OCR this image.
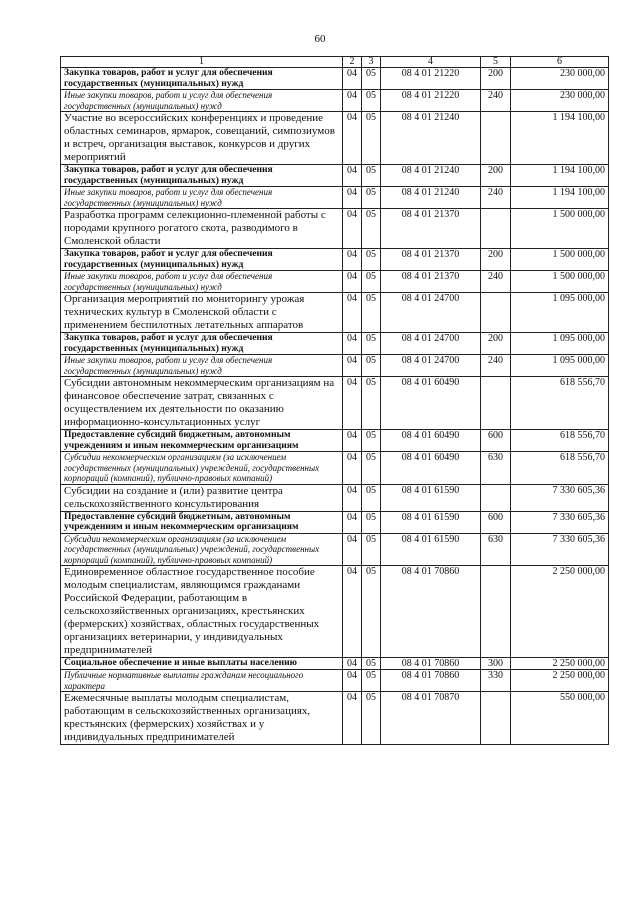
60
1	2	3	4	5	6
Закупка товаров, работ и услуг для обеспечения государственных (муниципальных) нужд	04	05	08 4 01 21220	200	230 000,00
Иные закупки товаров, работ и услуг для обеспечения государственных (муниципальных) нужд	04	05	08 4 01 21220	240	230 000,00
Участие во всероссийских конференциях и проведение областных семинаров, ярмарок, совещаний, симпозиумов и встреч, организация выставок, конкурсов и других мероприятий	04	05	08 4 01 21240		1 194 100,00
Закупка товаров, работ и услуг для обеспечения государственных (муниципальных) нужд	04	05	08 4 01 21240	200	1 194 100,00
Иные закупки товаров, работ и услуг для обеспечения государственных (муниципальных) нужд	04	05	08 4 01 21240	240	1 194 100,00
Разработка программ селекционно-племенной работы с породами крупного рогатого скота, разводимого в Смоленской области	04	05	08 4 01 21370		1 500 000,00
Закупка товаров, работ и услуг для обеспечения государственных (муниципальных) нужд	04	05	08 4 01 21370	200	1 500 000,00
Иные закупки товаров, работ и услуг для обеспечения государственных (муниципальных) нужд	04	05	08 4 01 21370	240	1 500 000,00
Организация мероприятий по мониторингу урожая технических культур в Смоленской области с применением беспилотных летательных аппаратов	04	05	08 4 01 24700		1 095 000,00
Закупка товаров, работ и услуг для обеспечения государственных (муниципальных) нужд	04	05	08 4 01 24700	200	1 095 000,00
Иные закупки товаров, работ и услуг для обеспечения государственных (муниципальных) нужд	04	05	08 4 01 24700	240	1 095 000,00
Субсидии автономным некоммерческим организациям на финансовое обеспечение затрат, связанных с осуществлением их деятельности по оказанию информационно-консультационных услуг	04	05	08 4 01 60490		618 556,70
Предоставление субсидий бюджетным, автономным учреждениям и иным некоммерческим организациям	04	05	08 4 01 60490	600	618 556,70
Субсидии некоммерческим организациям (за исключением государственных (муниципальных) учреждений, государственных корпораций (компаний), публично-правовых компаний)	04	05	08 4 01 60490	630	618 556,70
Субсидии на создание и (или) развитие центра сельскохозяйственного консультирования	04	05	08 4 01 61590		7 330 605,36
Предоставление субсидий бюджетным, автономным учреждениям и иным некоммерческим организациям	04	05	08 4 01 61590	600	7 330 605,36
Субсидии некоммерческим организациям (за исключением государственных (муниципальных) учреждений, государственных корпораций (компаний), публично-правовых компаний)	04	05	08 4 01 61590	630	7 330 605,36
Единовременное областное государственное пособие молодым специалистам, являющимся гражданами Российской Федерации, работающим в сельскохозяйственных организациях, крестьянских (фермерских) хозяйствах, областных государственных организациях ветеринарии, у индивидуальных предпринимателей	04	05	08 4 01 70860		2 250 000,00
Социальное обеспечение и иные выплаты населению	04	05	08 4 01 70860	300	2 250 000,00
Публичные нормативные выплаты гражданам несоциального характера	04	05	08 4 01 70860	330	2 250 000,00
Ежемесячные выплаты молодым специалистам, работающим в сельскохозяйственных организациях, крестьянских (фермерских) хозяйствах и у индивидуальных предпринимателей	04	05	08 4 01 70870		550 000,00
